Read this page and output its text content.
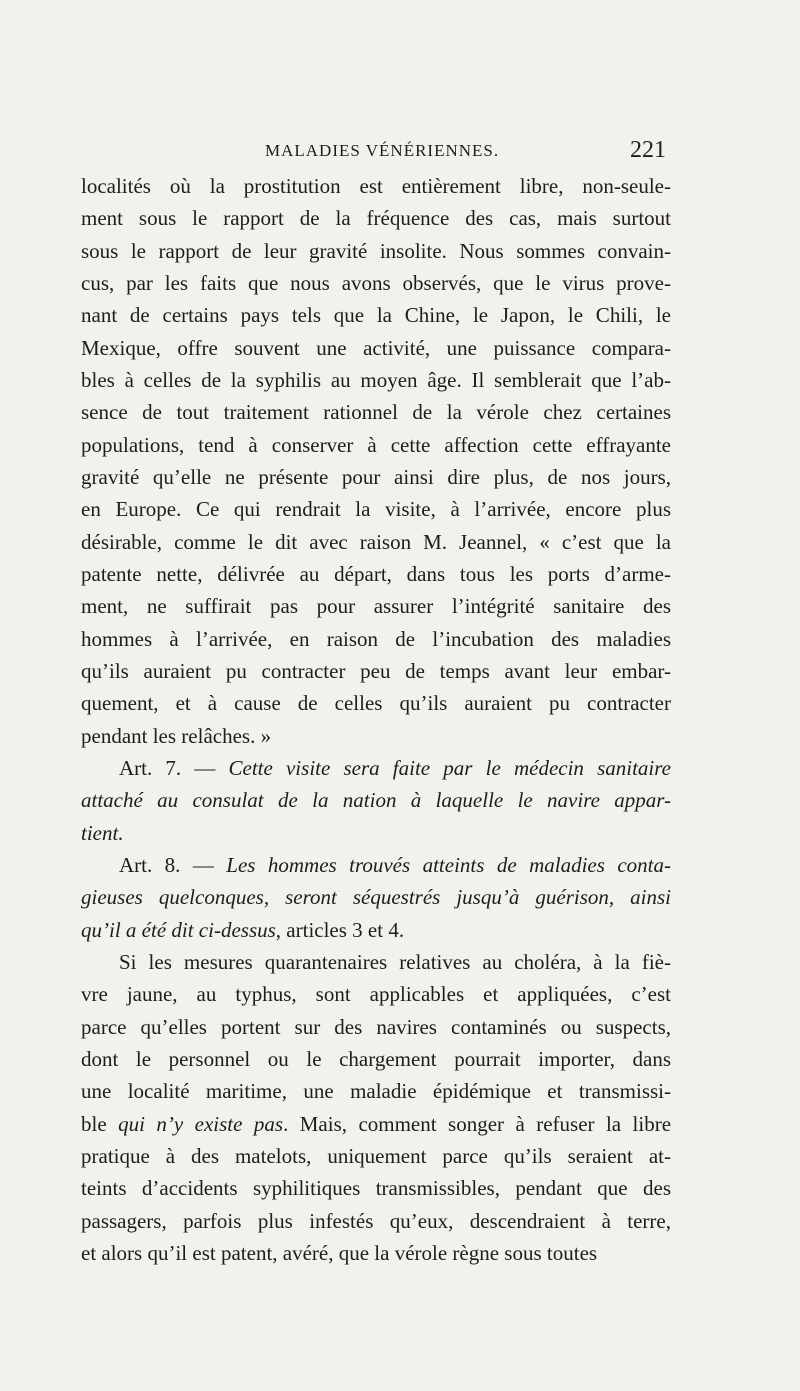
MALADIES VÉNÉRIENNES.	221
localités où la prostitution est entièrement libre, non-seule-
ment sous le rapport de la fréquence des cas, mais surtout
sous le rapport de leur gravité insolite. Nous sommes convain-
cus, par les faits que nous avons observés, que le virus prove-
nant de certains pays tels que la Chine, le Japon, le Chili, le
Mexique, offre souvent une activité, une puissance compara-
bles à celles de la syphilis au moyen âge. Il semblerait que l’ab-
sence de tout traitement rationnel de la vérole chez certaines
populations, tend à conserver à cette affection cette effrayante
gravité qu’elle ne présente pour ainsi dire plus, de nos jours,
en Europe. Ce qui rendrait la visite, à l’arrivée, encore plus
désirable, comme le dit avec raison M. Jeannel, « c’est que la
patente nette, délivrée au départ, dans tous les ports d’arme-
ment, ne suffirait pas pour assurer l’intégrité sanitaire des
hommes à l’arrivée, en raison de l’incubation des maladies
qu’ils auraient pu contracter peu de temps avant leur embar-
quement, et à cause de celles qu’ils auraient pu contracter
pendant les relâches. »
Art. 7. — Cette visite sera faite par le médecin sanitaire
attaché au consulat de la nation à laquelle le navire appar-
tient.
Art. 8. — Les hommes trouvés atteints de maladies conta-
gieuses quelconques, seront séquestrés jusqu’à guérison, ainsi
qu’il a été dit ci-dessus, articles 3 et 4.
Si les mesures quarantenaires relatives au choléra, à la fiè-
vre jaune, au typhus, sont applicables et appliquées, c’est
parce qu’elles portent sur des navires contaminés ou suspects,
dont le personnel ou le chargement pourrait importer, dans
une localité maritime, une maladie épidémique et transmissi-
ble qui n’y existe pas. Mais, comment songer à refuser la libre
pratique à des matelots, uniquement parce qu’ils seraient at-
teints d’accidents syphilitiques transmissibles, pendant que des
passagers, parfois plus infestés qu’eux, descendraient à terre,
et alors qu’il est patent, avéré, que la vérole règne sous toutes
